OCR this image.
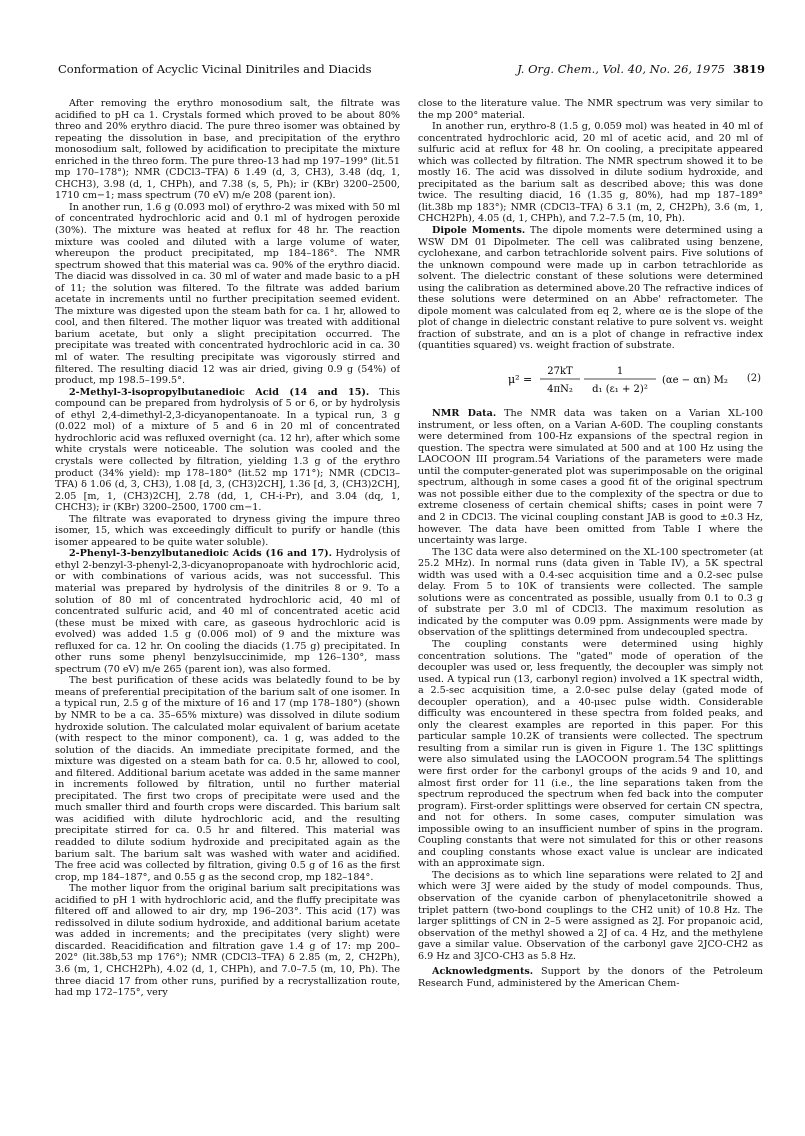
Conformation of Acyclic Vicinal Dinitriles and Diacids	J. Org. Chem., Vol. 40, No. 26, 1975 3819

After removing the erythro monosodium salt, the filtrate was acidified to pH ca 1. Crystals formed which proved to be about 80% threo and 20% erythro diacid. The pure threo isomer was obtained by repeating the dissolution in base, and precipitation of the erythro monosodium salt, followed by acidification to precipitate the mixture enriched in the threo form. The pure threo-13 had mp 197–199° (lit.51 mp 170–178°); NMR (CDCl3–TFA) δ 1.49 (d, 3, CH3), 3.48 (dq, 1, CHCH3), 3.98 (d, 1, CHPh), and 7.38 (s, 5, Ph); ir (KBr) 3200–2500, 1710 cm−1; mass spectrum (70 eV) m/e 208 (parent ion).

In another run, 1.6 g (0.093 mol) of erythro-2 was mixed with 50 ml of concentrated hydrochloric acid and 0.1 ml of hydrogen peroxide (30%). The mixture was heated at reflux for 48 hr. The reaction mixture was cooled and diluted with a large volume of water, whereupon the product precipitated, mp 184–186°. The NMR spectrum showed that this material was ca. 90% of the erythro diacid. The diacid was dissolved in ca. 30 ml of water and made basic to a pH of 11; the solution was filtered. To the filtrate was added barium acetate in increments until no further precipitation seemed evident. The mixture was digested upon the steam bath for ca. 1 hr, allowed to cool, and then filtered. The mother liquor was treated with additional barium acetate, but only a slight precipitation occurred. The precipitate was treated with concentrated hydrochloric acid in ca. 30 ml of water. The resulting precipitate was vigorously stirred and filtered. The resulting diacid 12 was air dried, giving 0.9 g (54%) of product, mp 198.5–199.5°.

2-Methyl-3-isopropylbutanedioic Acid (14 and 15). This compound can be prepared from hydrolysis of 5 or 6, or by hydrolysis of ethyl 2,4-dimethyl-2,3-dicyanopentanoate. In a typical run, 3 g (0.022 mol) of a mixture of 5 and 6 in 20 ml of concentrated hydrochloric acid was refluxed overnight (ca. 12 hr), after which some white crystals were noticeable. The solution was cooled and the crystals were collected by filtration, yielding 1.3 g of the erythro product (34% yield): mp 178–180° (lit.52 mp 171°); NMR (CDCl3–TFA) δ 1.06 (d, 3, CH3), 1.08 [d, 3, (CH3)2CH], 1.36 [d, 3, (CH3)2CH], 2.05 [m, 1, (CH3)2CH], 2.78 (dd, 1, CH-i-Pr), and 3.04 (dq, 1, CHCH3); ir (KBr) 3200–2500, 1700 cm−1.

The filtrate was evaporated to dryness giving the impure threo isomer, 15, which was exceedingly difficult to purify or handle (this isomer appeared to be quite water soluble).

2-Phenyl-3-benzylbutanedioic Acids (16 and 17). Hydrolysis of ethyl 2-benzyl-3-phenyl-2,3-dicyanopropanoate with hydrochloric acid, or with combinations of various acids, was not successful. This material was prepared by hydrolysis of the dinitriles 8 or 9. To a solution of 80 ml of concentrated hydrochloric acid, 40 ml of concentrated sulfuric acid, and 40 ml of concentrated acetic acid (these must be mixed with care, as gaseous hydrochloric acid is evolved) was added 1.5 g (0.006 mol) of 9 and the mixture was refluxed for ca. 12 hr. On cooling the diacids (1.75 g) precipitated. In other runs some phenyl benzylsuccinimide, mp 126–130°, mass spectrum (70 eV) m/e 265 (parent ion), was also formed.

The best purification of these acids was belatedly found to be by means of preferential precipitation of the barium salt of one isomer. In a typical run, 2.5 g of the mixture of 16 and 17 (mp 178–180°) (shown by NMR to be a ca. 35–65% mixture) was dissolved in dilute sodium hydroxide solution. The calculated molar equivalent of barium acetate (with respect to the minor component), ca. 1 g, was added to the solution of the diacids. An immediate precipitate formed, and the mixture was digested on a steam bath for ca. 0.5 hr, allowed to cool, and filtered. Additional barium acetate was added in the same manner in increments followed by filtration, until no further material precipitated. The first two crops of precipitate were used and the much smaller third and fourth crops were discarded. This barium salt was acidified with dilute hydrochloric acid, and the resulting precipitate stirred for ca. 0.5 hr and filtered. This material was readded to dilute sodium hydroxide and precipitated again as the barium salt. The barium salt was washed with water and acidified. The free acid was collected by filtration, giving 0.5 g of 16 as the first crop, mp 184–187°, and 0.55 g as the second crop, mp 182–184°.

The mother liquor from the original barium salt precipitations was acidified to pH 1 with hydrochloric acid, and the fluffy precipitate was filtered off and allowed to air dry, mp 196–203°. This acid (17) was redissolved in dilute sodium hydroxide, and additional barium acetate was added in increments; and the precipitates (very slight) were discarded. Reacidification and filtration gave 1.4 g of 17: mp 200–202° (lit.38b,53 mp 176°); NMR (CDCl3–TFA) δ 2.85 (m, 2, CH2Ph), 3.6 (m, 1, CHCH2Ph), 4.02 (d, 1, CHPh), and 7.0–7.5 (m, 10, Ph). The three diacid 17 from other runs, purified by a recrystallization route, had mp 172–175°, very

close to the literature value. The NMR spectrum was very similar to the mp 200° material.

In another run, erythro-8 (1.5 g, 0.059 mol) was heated in 40 ml of concentrated hydrochloric acid, 20 ml of acetic acid, and 20 ml of sulfuric acid at reflux for 48 hr. On cooling, a precipitate appeared which was collected by filtration. The NMR spectrum showed it to be mostly 16. The acid was dissolved in dilute sodium hydroxide, and precipitated as the barium salt as described above; this was done twice. The resulting diacid, 16 (1.35 g, 80%), had mp 187–189° (lit.38b mp 183°); NMR (CDCl3–TFA) δ 3.1 (m, 2, CH2Ph), 3.6 (m, 1, CHCH2Ph), 4.05 (d, 1, CHPh), and 7.2–7.5 (m, 10, Ph).

Dipole Moments. The dipole moments were determined using a WSW DM 01 Dipolmeter. The cell was calibrated using benzene, cyclohexane, and carbon tetrachloride solvent pairs. Five solutions of the unknown compound were made up in carbon tetrachloride as solvent. The dielectric constant of these solutions were determined using the calibration as determined above.20 The refractive indices of these solutions were determined on an Abbe' refractometer. The dipole moment was calculated from eq 2, where αe is the slope of the plot of change in dielectric constant relative to pure solvent vs. weight fraction of substrate, and αn is a plot of change in refractive index (quantities squared) vs. weight fraction of substrate.

μ² =
27kT
4πN₂
1
d₁ (ε₁ + 2)²
(αe − αn) M₂ (2)

NMR Data. The NMR data was taken on a Varian XL-100 instrument, or less often, on a Varian A-60D. The coupling constants were determined from 100-Hz expansions of the spectral region in question. The spectra were simulated at 500 and at 100 Hz using the LAOCOON III program.54 Variations of the parameters were made until the computer-generated plot was superimposable on the original spectrum, although in some cases a good fit of the original spectrum was not possible either due to the complexity of the spectra or due to extreme closeness of certain chemical shifts; cases in point were 7 and 2 in CDCl3. The vicinal coupling constant JAB is good to ±0.3 Hz, however. The data have been omitted from Table I where the uncertainty was large.

The 13C data were also determined on the XL-100 spectrometer (at 25.2 MHz). In normal runs (data given in Table IV), a 5K spectral width was used with a 0.4-sec acquisition time and a 0.2-sec pulse delay. From 5 to 10K of transients were collected. The sample solutions were as concentrated as possible, usually from 0.1 to 0.3 g of substrate per 3.0 ml of CDCl3. The maximum resolution as indicated by the computer was 0.09 ppm. Assignments were made by observation of the splittings determined from undecoupled spectra.

The coupling constants were determined using highly concentration solutions. The "gated" mode of operation of the decoupler was used or, less frequently, the decoupler was simply not used. A typical run (13, carbonyl region) involved a 1K spectral width, a 2.5-sec acquisition time, a 2.0-sec pulse delay (gated mode of decoupler operation), and a 40-μsec pulse width. Considerable difficulty was encountered in these spectra from folded peaks, and only the clearest examples are reported in this paper. For this particular sample 10.2K of transients were collected. The spectrum resulting from a similar run is given in Figure 1. The 13C splittings were also simulated using the LAOCOON program.54 The splittings were first order for the carbonyl groups of the acids 9 and 10, and almost first order for 11 (i.e., the line separations taken from the spectrum reproduced the spectrum when fed back into the computer program). First-order splittings were observed for certain CN spectra, and not for others. In some cases, computer simulation was impossible owing to an insufficient number of spins in the program. Coupling constants that were not simulated for this or other reasons and coupling constants whose exact value is unclear are indicated with an approximate sign.

The decisions as to which line separations were related to 2J and which were 3J were aided by the study of model compounds. Thus, observation of the cyanide carbon of phenylacetonitrile showed a triplet pattern (two-bond couplings to the CH2 unit) of 10.8 Hz. The larger splittings of CN in 2–5 were assigned as 2J. For propanoic acid, observation of the methyl showed a 2J of ca. 4 Hz, and the methylene gave a similar value. Observation of the carbonyl gave 2JCO-CH2 as 6.9 Hz and 3JCO-CH3 as 5.8 Hz.

Acknowledgments. Support by the donors of the Petroleum Research Fund, administered by the American Chem-
